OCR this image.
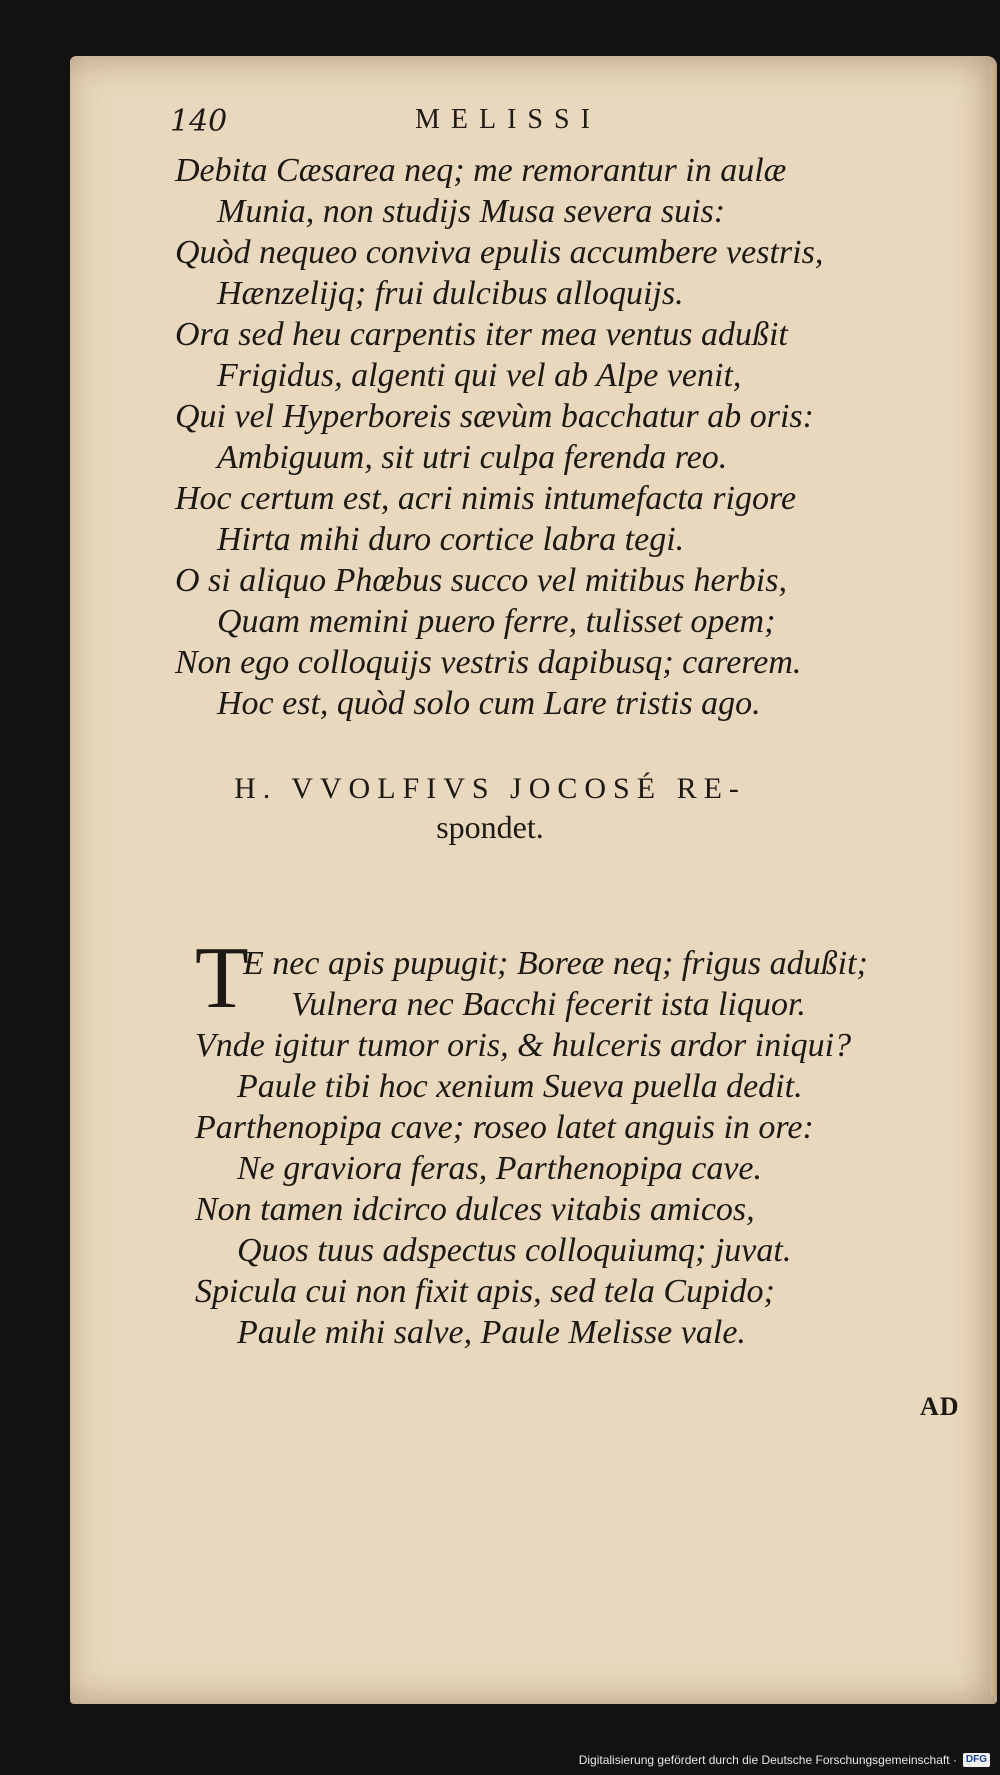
140	MELISSI
Debita Cæsarea neq; me remorantur in aulæ
Munia, non studijs Musa severa suis:
Quòd nequeo conviva epulis accumbere vestris,
Hænzelijq; frui dulcibus alloquijs.
Ora sed heu carpentis iter mea ventus adußit
Frigidus, algenti qui vel ab Alpe venit,
Qui vel Hyperboreis sævùm bacchatur ab oris:
Ambiguum, sit utri culpa ferenda reo.
Hoc certum est, acri nimis intumefacta rigore
Hirta mihi duro cortice labra tegi.
O si aliquo Phœbus succo vel mitibus herbis,
Quam memini puero ferre, tulisset opem;
Non ego colloquijs vestris dapibusq; carerem.
Hoc est, quòd solo cum Lare tristis ago.
H. VVOLFIVS JOCOSÉ RE-
spondet.
T
E nec apis pupugit; Boreæ neq; frigus adußit;
Vulnera nec Bacchi fecerit ista liquor.
Vnde igitur tumor oris, & hulceris ardor iniqui?
Paule tibi hoc xenium Sueva puella dedit.
Parthenopipa cave; roseo latet anguis in ore:
Ne graviora feras, Parthenopipa cave.
Non tamen idcirco dulces vitabis amicos,
Quos tuus adspectus colloquiumq; juvat.
Spicula cui non fixit apis, sed tela Cupido;
Paule mihi salve, Paule Melisse vale.
AD
Digitalisierung gefördert durch die Deutsche Forschungsgemeinschaft · DFG
